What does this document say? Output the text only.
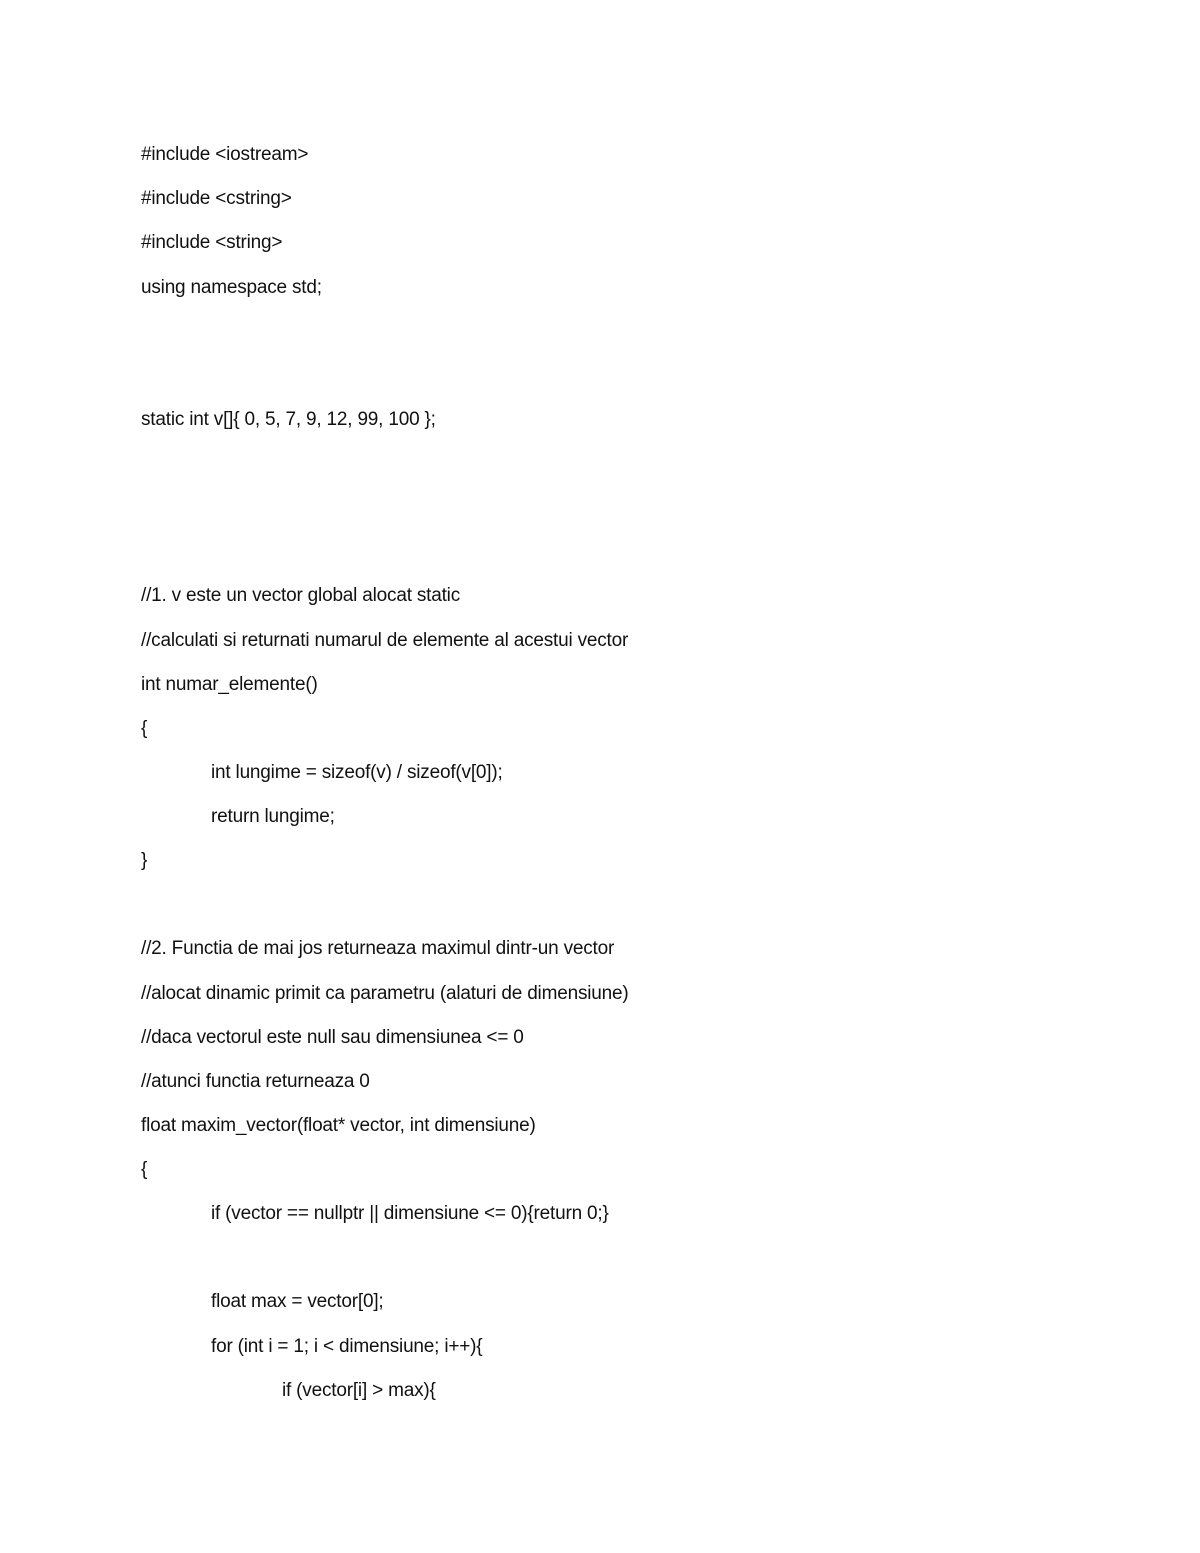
#include <iostream>
#include <cstring>
#include <string>
using namespace std;
static int v[]{ 0, 5, 7, 9, 12, 99, 100 };
//1. v este un vector global alocat static
//calculati si returnati numarul de elemente al acestui vector
int numar_elemente()
{
int lungime = sizeof(v) / sizeof(v[0]);
return lungime;
}
//2. Functia de mai jos returneaza maximul dintr-un vector
//alocat dinamic primit ca parametru (alaturi de dimensiune)
//daca vectorul este null sau dimensiunea <= 0
//atunci functia returneaza 0
float maxim_vector(float* vector, int dimensiune)
{
if (vector == nullptr || dimensiune <= 0){return 0;}
float max = vector[0];
for (int i = 1; i < dimensiune; i++){
if (vector[i] > max){
